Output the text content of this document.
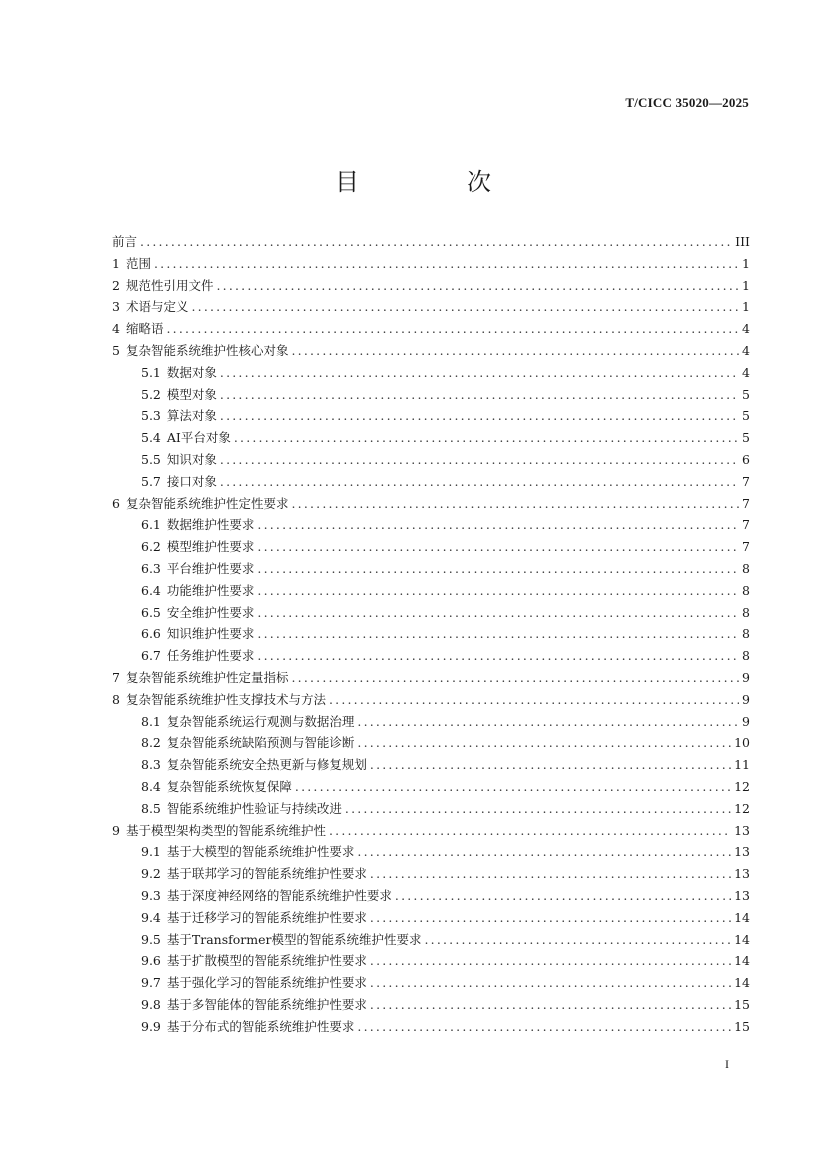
T/CICC 35020—2025
目　次
前言 .....	III
1 范围 .....	1
2 规范性引用文件 .....	1
3 术语与定义 .....	1
4 缩略语 .....	4
5 复杂智能系统维护性核心对象 .....	4
5.1 数据对象 .....	4
5.2 模型对象 .....	5
5.3 算法对象 .....	5
5.4 AI平台对象 .....	5
5.5 知识对象 .....	6
5.7 接口对象 .....	7
6 复杂智能系统维护性定性要求 .....	7
6.1 数据维护性要求 .....	7
6.2 模型维护性要求 .....	7
6.3 平台维护性要求 .....	8
6.4 功能维护性要求 .....	8
6.5 安全维护性要求 .....	8
6.6 知识维护性要求 .....	8
6.7 任务维护性要求 .....	8
7 复杂智能系统维护性定量指标 .....	9
8 复杂智能系统维护性支撑技术与方法 .....	9
8.1 复杂智能系统运行观测与数据治理 .....	9
8.2 复杂智能系统缺陷预测与智能诊断 .....	10
8.3 复杂智能系统安全热更新与修复规划 .....	11
8.4 复杂智能系统恢复保障 .....	12
8.5 智能系统维护性验证与持续改进 .....	12
9 基于模型架构类型的智能系统维护性 .....	13
9.1 基于大模型的智能系统维护性要求 .....	13
9.2 基于联邦学习的智能系统维护性要求 .....	13
9.3 基于深度神经网络的智能系统维护性要求 .....	13
9.4 基于迁移学习的智能系统维护性要求 .....	14
9.5 基于Transformer模型的智能系统维护性要求 .....	14
9.6 基于扩散模型的智能系统维护性要求 .....	14
9.7 基于强化学习的智能系统维护性要求 .....	14
9.8 基于多智能体的智能系统维护性要求 .....	15
9.9 基于分布式的智能系统维护性要求 .....	15
I
